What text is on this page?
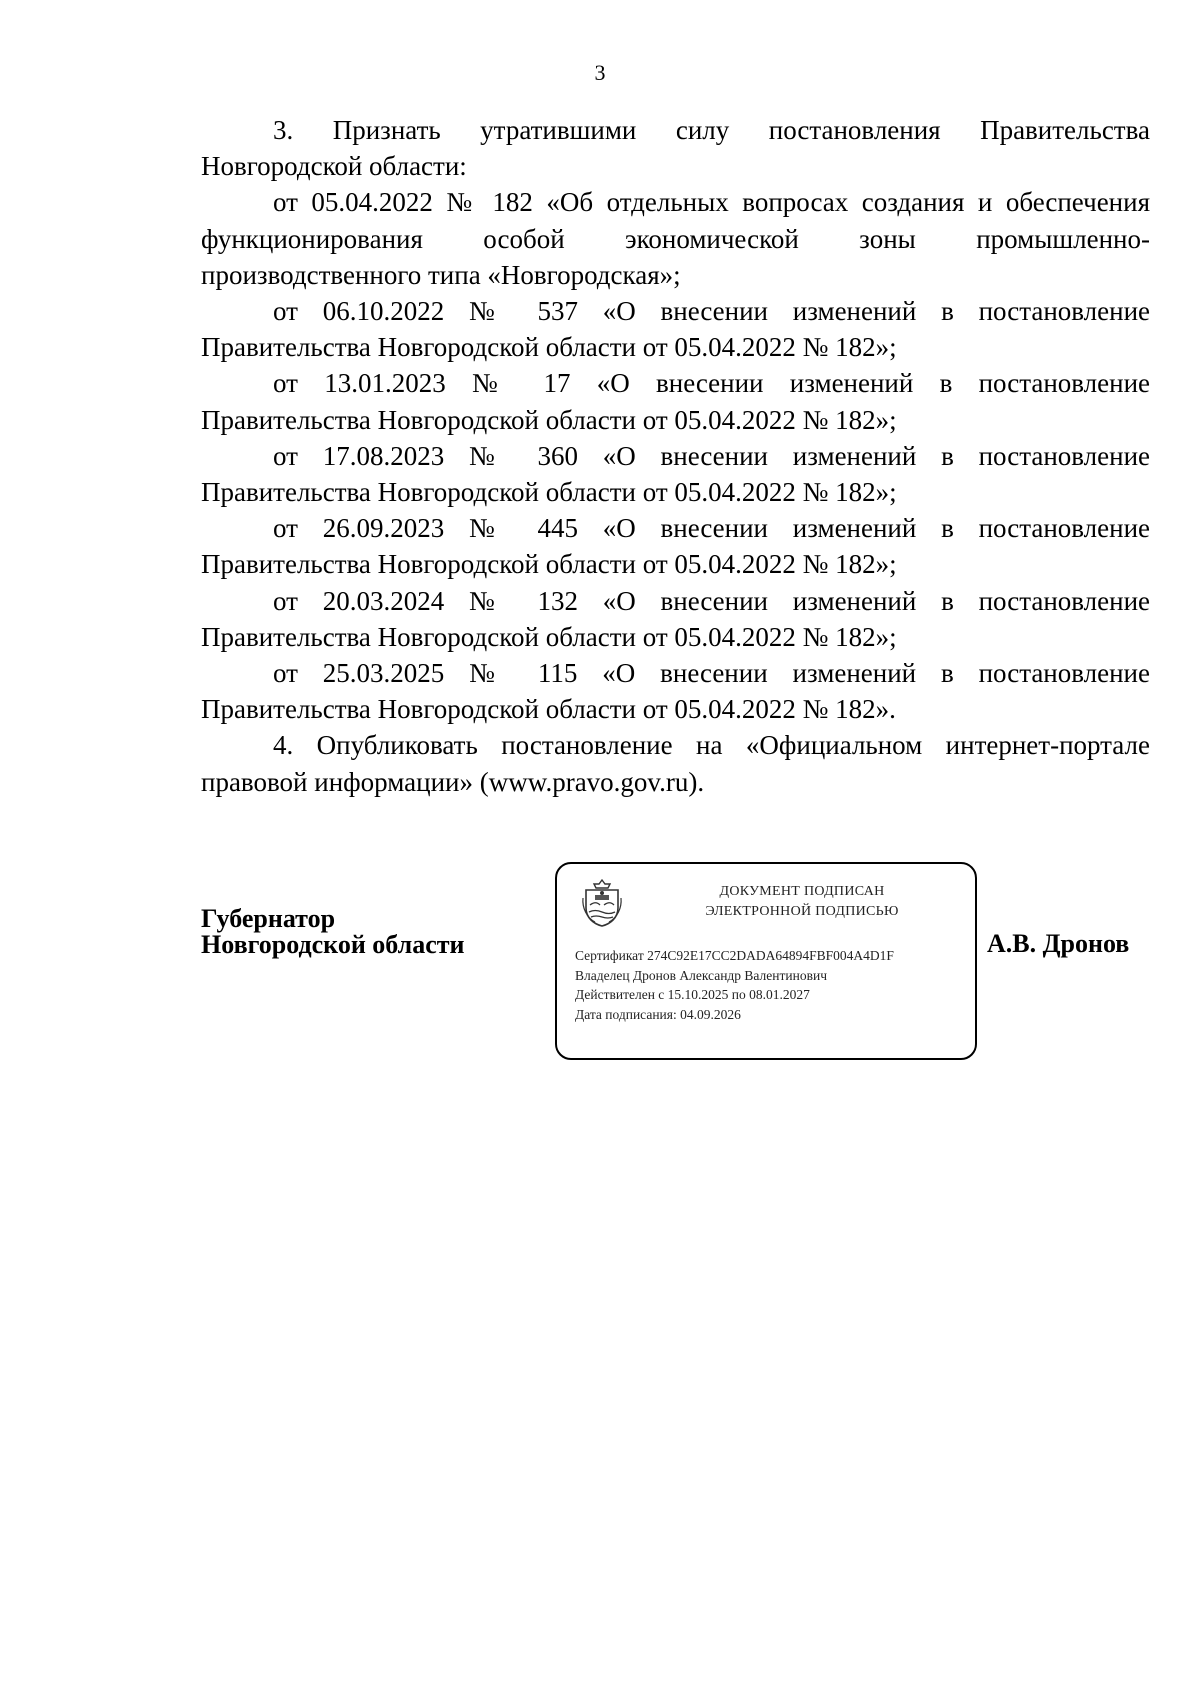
3

3. Признать утратившими силу постановления Правительства Новгородской области:

от 05.04.2022 № 182 «Об отдельных вопросах создания и обеспечения функционирования особой экономической зоны промышленно-производственного типа «Новгородская»;

от 06.10.2022 № 537 «О внесении изменений в постановление Правительства Новгородской области от 05.04.2022 № 182»;

от 13.01.2023 № 17 «О внесении изменений в постановление Правительства Новгородской области от 05.04.2022 № 182»;

от 17.08.2023 № 360 «О внесении изменений в постановление Правительства Новгородской области от 05.04.2022 № 182»;

от 26.09.2023 № 445 «О внесении изменений в постановление Правительства Новгородской области от 05.04.2022 № 182»;

от 20.03.2024 № 132 «О внесении изменений в постановление Правительства Новгородской области от 05.04.2022 № 182»;

от 25.03.2025 № 115 «О внесении изменений в постановление Правительства Новгородской области от 05.04.2022 № 182».

4. Опубликовать постановление на «Официальном интернет-портале правовой информации» (www.pravo.gov.ru).

Губернатор
Новгородской области
ДОКУМЕНТ ПОДПИСАН
ЭЛЕКТРОННОЙ ПОДПИСЬЮ
Сертификат 274C92E17CC2DADA64894FBF004A4D1F
Владелец Дронов Александр Валентинович
Действителен с 15.10.2025 по 08.01.2027
Дата подписания: 04.09.2026
А.В. Дронов
